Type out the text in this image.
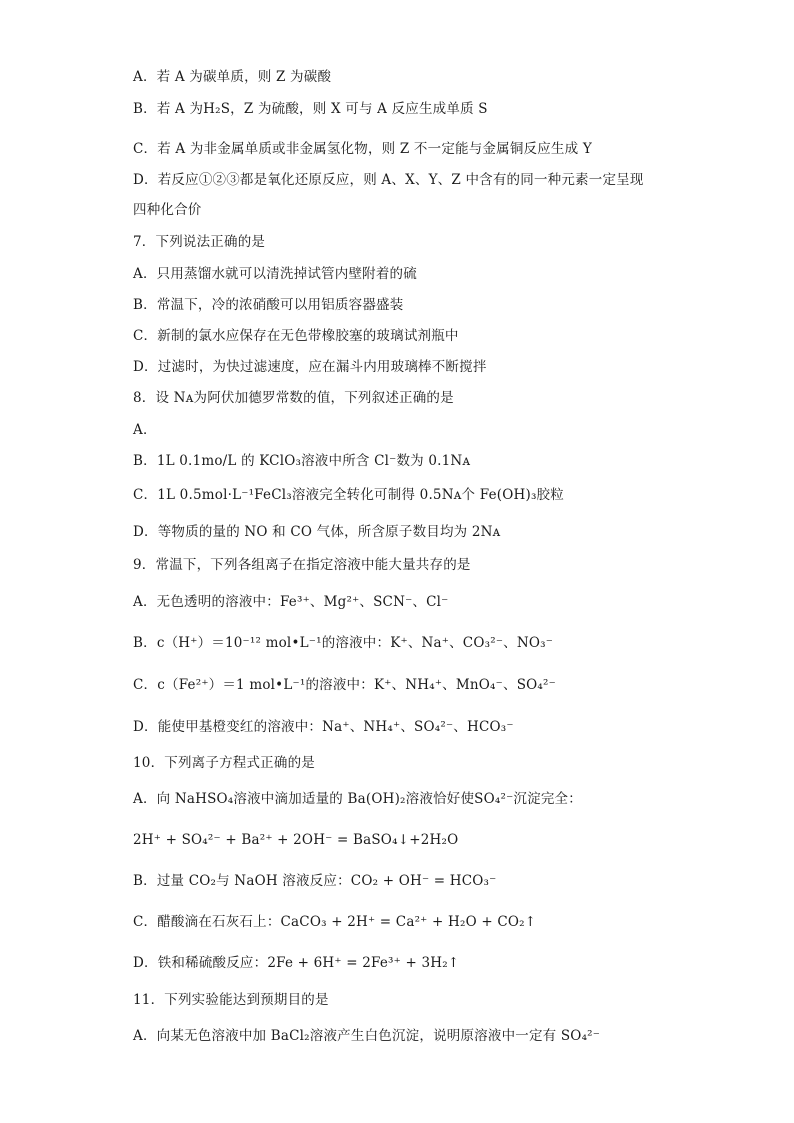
A．若 A 为碳单质，则 Z 为碳酸
B．若 A 为H₂S，Z 为硫酸，则 X 可与 A 反应生成单质 S
C．若 A 为非金属单质或非金属氢化物，则 Z 不一定能与金属铜反应生成 Y
D．若反应①②③都是氧化还原反应，则 A、X、Y、Z 中含有的同一种元素一定呈现
四种化合价
7．下列说法正确的是
A．只用蒸馏水就可以清洗掉试管内壁附着的硫
B．常温下，冷的浓硝酸可以用铝质容器盛装
C．新制的氯水应保存在无色带橡胶塞的玻璃试剂瓶中
D．过滤时，为快过滤速度，应在漏斗内用玻璃棒不断搅拌
8．设 Nᴀ为阿伏加德罗常数的值，下列叙述正确的是
A．
B．1L 0.1mo/L 的 KClO₃溶液中所含 Cl⁻数为 0.1Nᴀ
C．1L 0.5mol·L⁻¹FeCl₃溶液完全转化可制得 0.5Nᴀ个 Fe(OH)₃胶粒
D．等物质的量的 NO 和 CO 气体，所含原子数目均为 2Nᴀ
9．常温下，下列各组离子在指定溶液中能大量共存的是
A．无色透明的溶液中：Fe³⁺、Mg²⁺、SCN⁻、Cl⁻
B．c（H⁺）＝10⁻¹² mol•L⁻¹的溶液中：K⁺、Na⁺、CO₃²⁻、NO₃⁻
C．c（Fe²⁺）＝1 mol•L⁻¹的溶液中：K⁺、NH₄⁺、MnO₄⁻、SO₄²⁻
D．能使甲基橙变红的溶液中：Na⁺、NH₄⁺、SO₄²⁻、HCO₃⁻
10．下列离子方程式正确的是
A．向 NaHSO₄溶液中滴加适量的 Ba(OH)₂溶液恰好使SO₄²⁻沉淀完全：
2H⁺ + SO₄²⁻ + Ba²⁺ + 2OH⁻ = BaSO₄↓+2H₂O
B．过量 CO₂与 NaOH 溶液反应：CO₂ + OH⁻ = HCO₃⁻
C．醋酸滴在石灰石上：CaCO₃ + 2H⁺ = Ca²⁺ + H₂O + CO₂↑
D．铁和稀硫酸反应：2Fe + 6H⁺ = 2Fe³⁺ + 3H₂↑
11．下列实验能达到预期目的是
A．向某无色溶液中加 BaCl₂溶液产生白色沉淀，说明原溶液中一定有 SO₄²⁻
